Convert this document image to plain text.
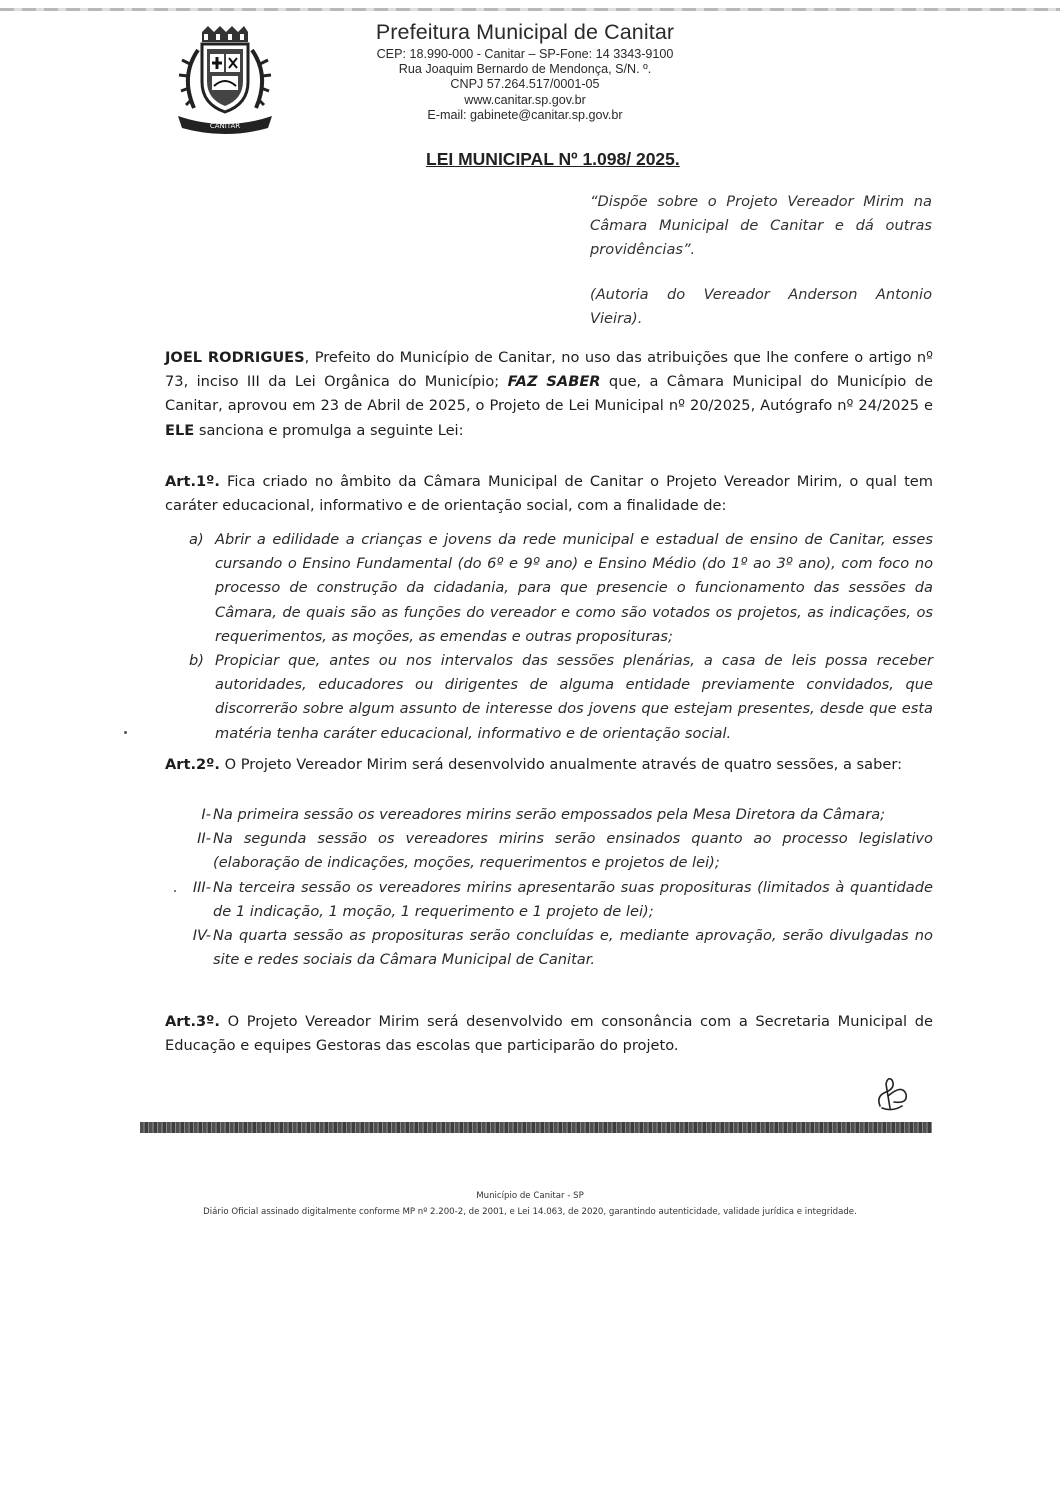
CANITAR

Prefeitura Municipal de Canitar

CEP: 18.990-000 - Canitar – SP-Fone: 14 3343-9100

Rua Joaquim Bernardo de Mendonça, S/N. º.

CNPJ 57.264.517/0001-05

www.canitar.sp.gov.br

E-mail: gabinete@canitar.sp.gov.br

LEI MUNICIPAL Nº 1.098/ 2025.
“Dispõe sobre o Projeto Vereador Mirim na Câmara Municipal de Canitar e dá outras providências”.
(Autoria do Vereador Anderson Antonio Vieira).

JOEL RODRIGUES, Prefeito do Município de Canitar, no uso das atribuições que lhe confere o artigo nº 73, inciso III da Lei Orgânica do Município; FAZ SABER que, a Câmara Municipal do Município de Canitar, aprovou em 23 de Abril de 2025, o Projeto de Lei Municipal nº 20/2025, Autógrafo nº 24/2025 e ELE sanciona e promulga a seguinte Lei:

Art.1º. Fica criado no âmbito da Câmara Municipal de Canitar o Projeto Vereador Mirim, o qual tem caráter educacional, informativo e de orientação social, com a finalidade de:

a) Abrir a edilidade a crianças e jovens da rede municipal e estadual de ensino de Canitar, esses cursando o Ensino Fundamental (do 6º e 9º ano) e Ensino Médio (do 1º ao 3º ano), com foco no processo de construção da cidadania, para que presencie o funcionamento das sessões da Câmara, de quais são as funções do vereador e como são votados os projetos, as indicações, os requerimentos, as moções, as emendas e outras proposituras;
b) Propiciar que, antes ou nos intervalos das sessões plenárias, a casa de leis possa receber autoridades, educadores ou dirigentes de alguma entidade previamente convidados, que discorrerão sobre algum assunto de interesse dos jovens que estejam presentes, desde que esta matéria tenha caráter educacional, informativo e de orientação social.

Art.2º. O Projeto Vereador Mirim será desenvolvido anualmente através de quatro sessões, a saber:

I- Na primeira sessão os vereadores mirins serão empossados pela Mesa Diretora da Câmara;
II- Na segunda sessão os vereadores mirins serão ensinados quanto ao processo legislativo (elaboração de indicações, moções, requerimentos e projetos de lei);
III- Na terceira sessão os vereadores mirins apresentarão suas proposituras (limitados à quantidade de 1 indicação, 1 moção, 1 requerimento e 1 projeto de lei);
IV- Na quarta sessão as proposituras serão concluídas e, mediante aprovação, serão divulgadas no site e redes sociais da Câmara Municipal de Canitar.

Art.3º. O Projeto Vereador Mirim será desenvolvido em consonância com a Secretaria Municipal de Educação e equipes Gestoras das escolas que participarão do projeto.

Município de Canitar - SP
Diário Oficial assinado digitalmente conforme MP nº 2.200-2, de 2001, e Lei 14.063, de 2020, garantindo autenticidade, validade jurídica e integridade.
